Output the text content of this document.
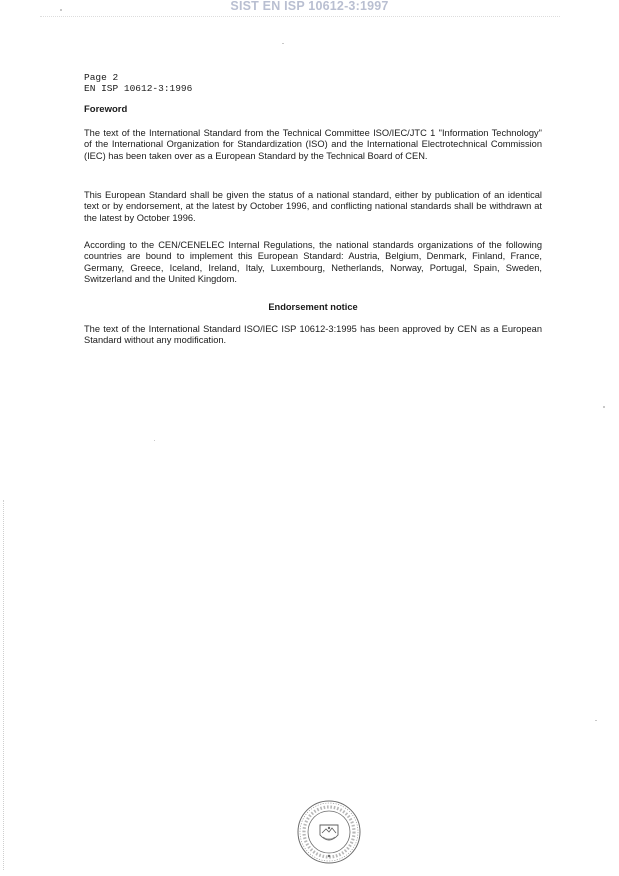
SIST EN ISP 10612-3:1997
Page 2
EN ISP 10612-3:1996
Foreword

The text of the International Standard from the Technical Committee ISO/IEC/JTC 1 "Information Technology" of the International Organization for Standardization (ISO) and the International Electrotechnical Commission (IEC) has been taken over as a European Standard by the Technical Board of CEN.

This European Standard shall be given the status of a national standard, either by publication of an identical text or by endorsement, at the latest by October 1996, and conflicting national standards shall be withdrawn at the latest by October 1996.

According to the CEN/CENELEC Internal Regulations, the national standards organizations of the following countries are bound to implement this European Standard: Austria, Belgium, Denmark, Finland, France, Germany, Greece, Iceland, Ireland, Italy, Luxembourg, Netherlands, Norway, Portugal, Spain, Sweden, Switzerland and the United Kingdom.

Endorsement notice

The text of the International Standard ISO/IEC ISP 10612-3:1995 has been approved by CEN as a European Standard without any modification.
